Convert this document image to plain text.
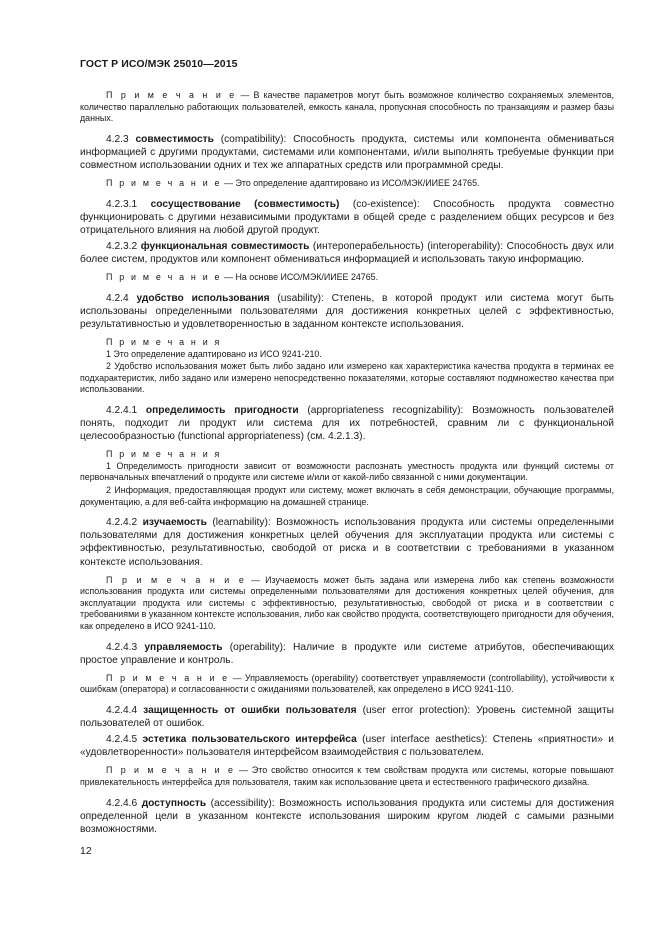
ГОСТ Р ИСО/МЭК 25010—2015

П р и м е ч а н и е — В качестве параметров могут быть возможное количество сохраняемых элементов, количество параллельно работающих пользователей, емкость канала, пропускная способность по транзакциям и размер базы данных.

4.2.3 совместимость (compatibility): Способность продукта, системы или компонента обмениваться информацией с другими продуктами, системами или компонентами, и/или выполнять требуемые функции при совместном использовании одних и тех же аппаратных средств или программной среды.

П р и м е ч а н и е — Это определение адаптировано из ИСО/МЭК/ИИЕЕ 24765.

4.2.3.1 сосуществование (совместимость) (co-existence): Способность продукта совместно функционировать с другими независимыми продуктами в общей среде с разделением общих ресурсов и без отрицательного влияния на любой другой продукт.

4.2.3.2 функциональная совместимость (интероперабельность) (interoperability): Способность двух или более систем, продуктов или компонент обмениваться информацией и использовать такую информацию.

П р и м е ч а н и е — На основе ИСО/МЭК/ИИЕЕ 24765.

4.2.4 удобство использования (usability): Степень, в которой продукт или система могут быть использованы определенными пользователями для достижения конкретных целей с эффективностью, результативностью и удовлетворенностью в заданном контексте использования.

П р и м е ч а н и я

1 Это определение адаптировано из ИСО 9241-210.

2 Удобство использования может быть либо задано или измерено как характеристика качества продукта в терминах ее подхарактеристик, либо задано или измерено непосредственно показателями, которые составляют подмножество качества при использовании.

4.2.4.1 определимость пригодности (appropriateness recognizability): Возможность пользователей понять, подходит ли продукт или система для их потребностей, сравним ли с функциональной целесообразностью (functional appropriateness) (см. 4.2.1.3).

П р и м е ч а н и я

1 Определимость пригодности зависит от возможности распознать уместность продукта или функций системы от первоначальных впечатлений о продукте или системе и/или от какой-либо связанной с ними документации.

2 Информация, предоставляющая продукт или систему, может включать в себя демонстрации, обучающие программы, документацию, а для веб-сайта информацию на домашней странице.

4.2.4.2 изучаемость (learnability): Возможность использования продукта или системы определенными пользователями для достижения конкретных целей обучения для эксплуатации продукта или системы с эффективностью, результативностью, свободой от риска и в соответствии с требованиями в указанном контексте использования.

П р и м е ч а н и е — Изучаемость может быть задана или измерена либо как степень возможности использования продукта или системы определенными пользователями для достижения конкретных целей обучения, для эксплуатации продукта или системы с эффективностью, результативностью, свободой от риска и в соответствии с требованиями в указанном контексте использования, либо как свойство продукта, соответствующего пригодности для обучения, как определено в ИСО 9241-110.

4.2.4.3 управляемость (operability): Наличие в продукте или системе атрибутов, обеспечивающих простое управление и контроль.

П р и м е ч а н и е — Управляемость (operability) соответствует управляемости (controllability), устойчивости к ошибкам (оператора) и согласованности с ожиданиями пользователей, как определено в ИСО 9241-110.

4.2.4.4 защищенность от ошибки пользователя (user error protection): Уровень системной защиты пользователей от ошибок.

4.2.4.5 эстетика пользовательского интерфейса (user interface aesthetics): Степень «приятности» и «удовлетворенности» пользователя интерфейсом взаимодействия с пользователем.

П р и м е ч а н и е — Это свойство относится к тем свойствам продукта или системы, которые повышают привлекательность интерфейса для пользователя, таким как использование цвета и естественного графического дизайна.

4.2.4.6 доступность (accessibility): Возможность использования продукта или системы для достижения определенной цели в указанном контексте использования широким кругом людей с самыми разными возможностями.

12
